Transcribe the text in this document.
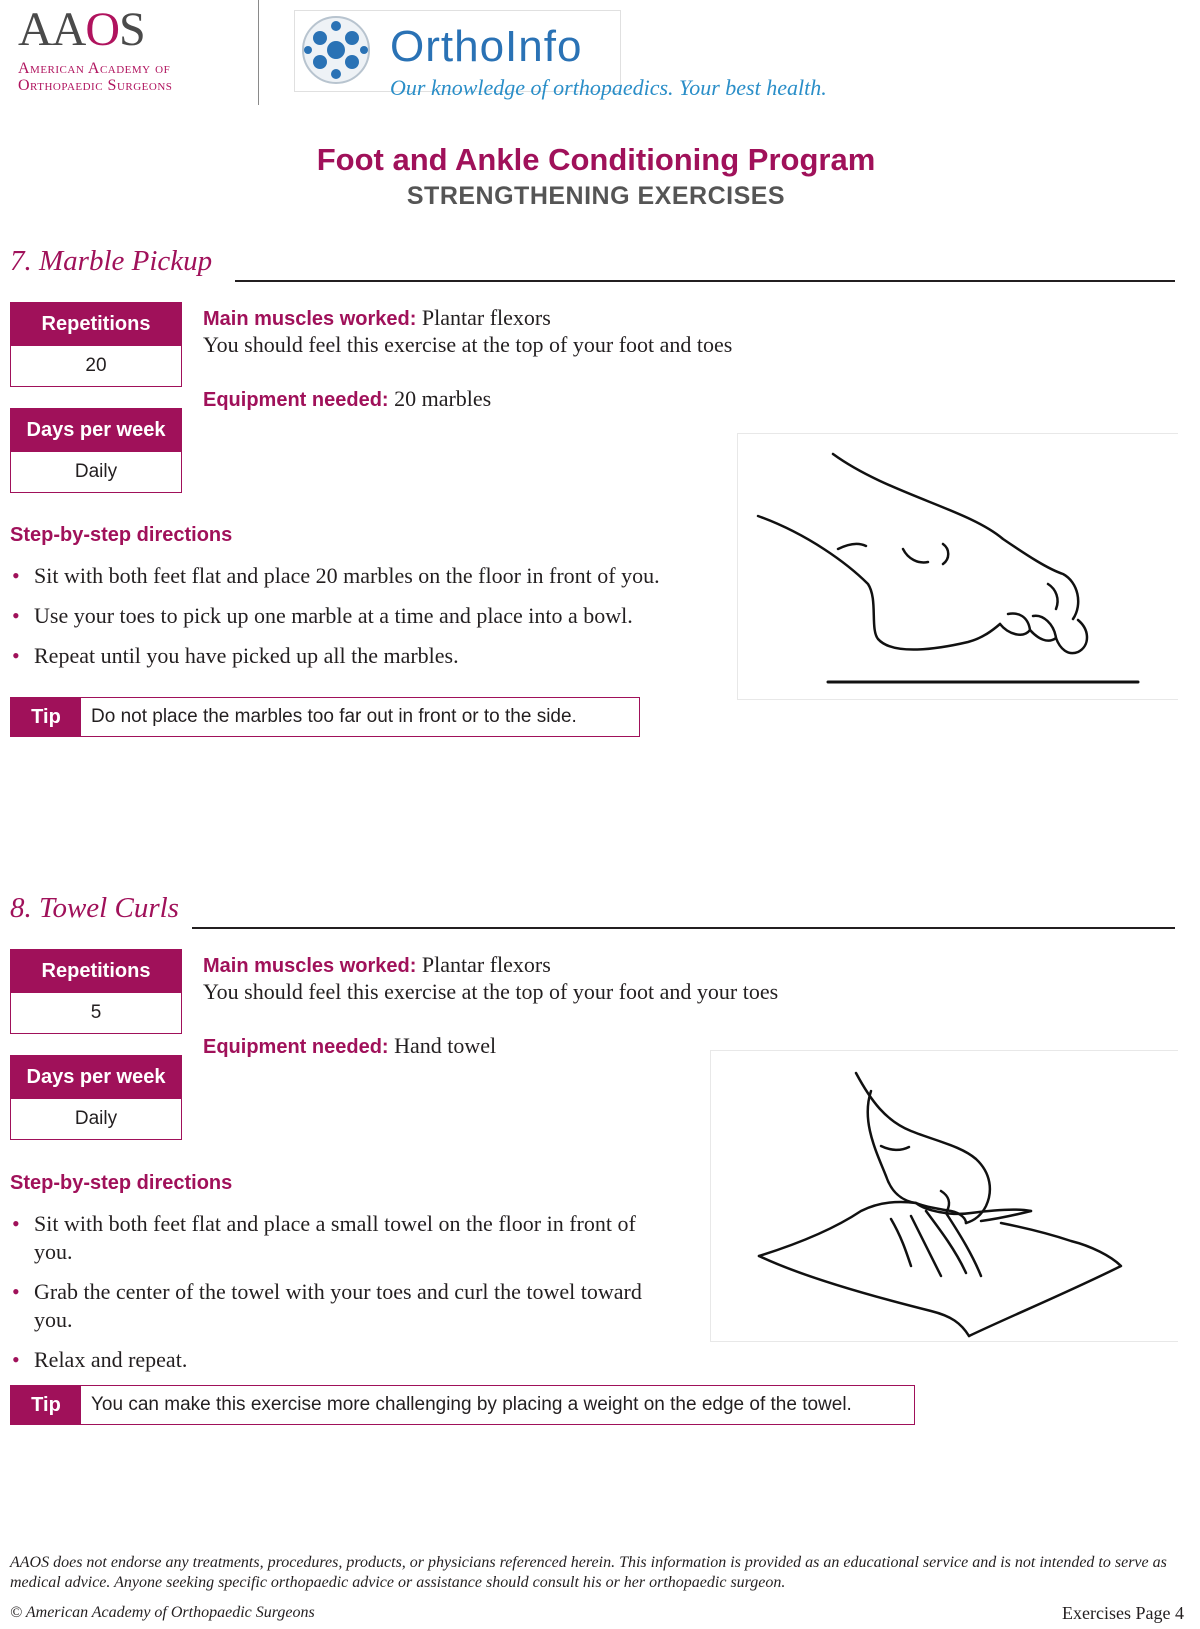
AAOS
American Academy of
Orthopaedic Surgeons
OrthoInfo
Our knowledge of orthopaedics. Your best health.
Foot and Ankle Conditioning Program
STRENGTHENING EXERCISES
7. Marble Pickup
Repetitions
20
Days per week
Daily
Main muscles worked: Plantar flexors
You should feel this exercise at the top of your foot and toes
Equipment needed: 20 marbles
Step-by-step directions
• Sit with both feet flat and place 20 marbles on the floor in front of you.
• Use your toes to pick up one marble at a time and place into a bowl.
• Repeat until you have picked up all the marbles.
Tip	Do not place the marbles too far out in front or to the side.
8. Towel Curls
Repetitions
5
Days per week
Daily
Main muscles worked: Plantar flexors
You should feel this exercise at the top of your foot and your toes
Equipment needed: Hand towel
Step-by-step directions
• Sit with both feet flat and place a small towel on the floor in front of you.
• Grab the center of the towel with your toes and curl the towel toward you.
• Relax and repeat.
Tip	You can make this exercise more challenging by placing a weight on the edge of the towel.
AAOS does not endorse any treatments, procedures, products, or physicians referenced herein. This information is provided as an educational service and is not intended to serve as medical advice. Anyone seeking specific orthopaedic advice or assistance should consult his or her orthopaedic surgeon.
© American Academy of Orthopaedic Surgeons	Exercises Page 4
